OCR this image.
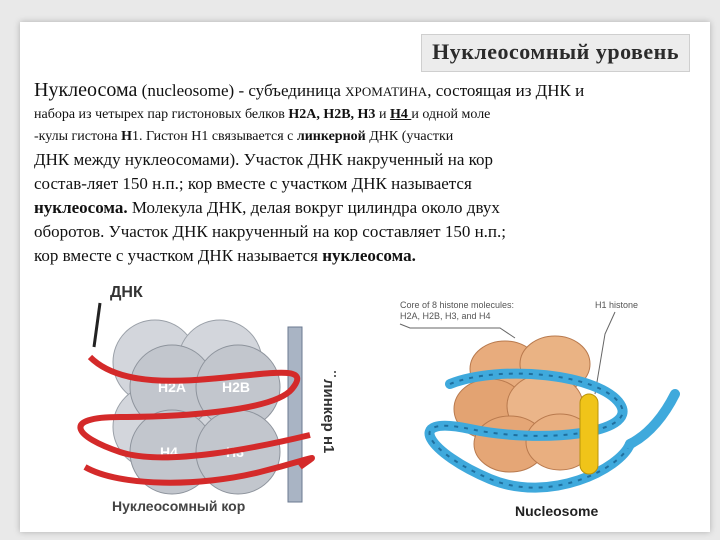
Нуклеосомный уровень
Нуклеосома (nucleosome) - субъединица ХРОМАТИНА, состоящая из ДНК и
набора из четырех пар гистоновых белков Н2А, Н2В, Н3 и Н4 и одной моле
-кулы гистона Н1. Гистон Н1 связывается с линкерной ДНК (участки
ДНК между нуклеосомами). Участок ДНК накрученный на кор
состав-ляет 150 н.п.; кор вместе с участком ДНК называется
нуклеосома. Молекула ДНК, делая вокруг цилиндра около двух
оборотов. Участок ДНК накрученный на кор составляет 150 н.п.;
кор вместе с участком ДНК называется нуклеосома.
ДНК
Н2А	Н2В
Н4	Н3	линкер н1
Нуклеосомный кор
Core of 8 histone molecules:
H2A, H2B, H3, and H4
H1 histone
Nucleosome
